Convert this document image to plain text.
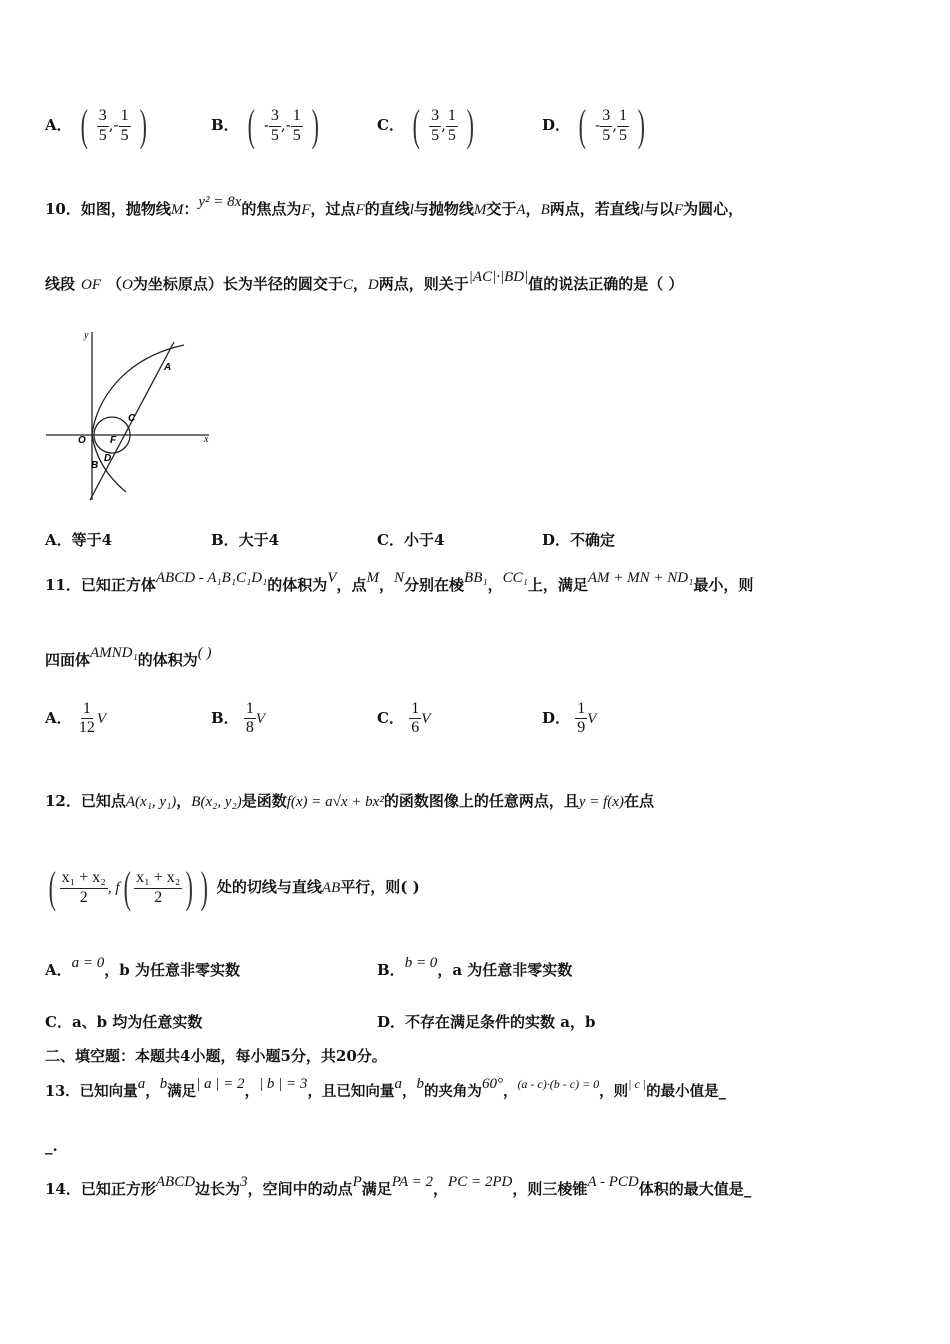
A． ( $\frac{3}{5}$ ,- $\frac{1}{5}$ )	B． ( - $\frac{3}{5}$ ,- $\frac{1}{5}$ )	C． ( $\frac{3}{5}$ , $\frac{1}{5}$ )	D． ( - $\frac{3}{5}$ , $\frac{1}{5}$ )
10．如图，抛物线M：y² = 8x的焦点为F，过点F的直线l与抛物线M交于A，B两点，若直线l与以F为圆心，
线段 OF （O为坐标原点）长为半径的圆交于C，D两点，则关于|AC|·|BD|值的说法正确的是（ ）
y
x
O F
A
B
C
D
A．等于4	B．大于4	C．小于4	D．不确定
11．已知正方体ABCD - A₁B₁C₁D₁的体积为V，点M，N分别在棱BB₁，CC₁上，满足AM + MN + ND₁最小，则
四面体AMND₁的体积为( )
A． $\frac{1}{12}$ V	B． $\frac{1}{8}$ V	C． $\frac{1}{6}$ V	D． $\frac{1}{9}$ V
12．已知点A(x₁, y₁)，B(x₂, y₂)是函数f(x) = a√x + bx²的函数图像上的任意两点，且y = f(x)在点
( $\frac{\text{x₁ + x₂}}{2}$ , $f( \frac{\text{x₁ + x₂}}{2}$ ) ) 处的切线与直线AB平行，则( )
A．a = 0，b 为任意非零实数	B．b = 0，a 为任意非零实数
C．a、b 均为任意实数	D．不存在满足条件的实数 a，b
二、填空题：本题共4小题，每小题5分，共20分。
13．已知向量a，b满足| a | = 2，| b | = 3，且已知向量a，b的夹角为60°，$^{(a - c)\cdot(b - c) = 0}$，则$^{| c |}$的最小值是_
_.
14．已知正方形ABCD边长为3，空间中的动点P满足PA = 2，PC = 2PD，则三棱锥A - PCD体积的最大值是_
